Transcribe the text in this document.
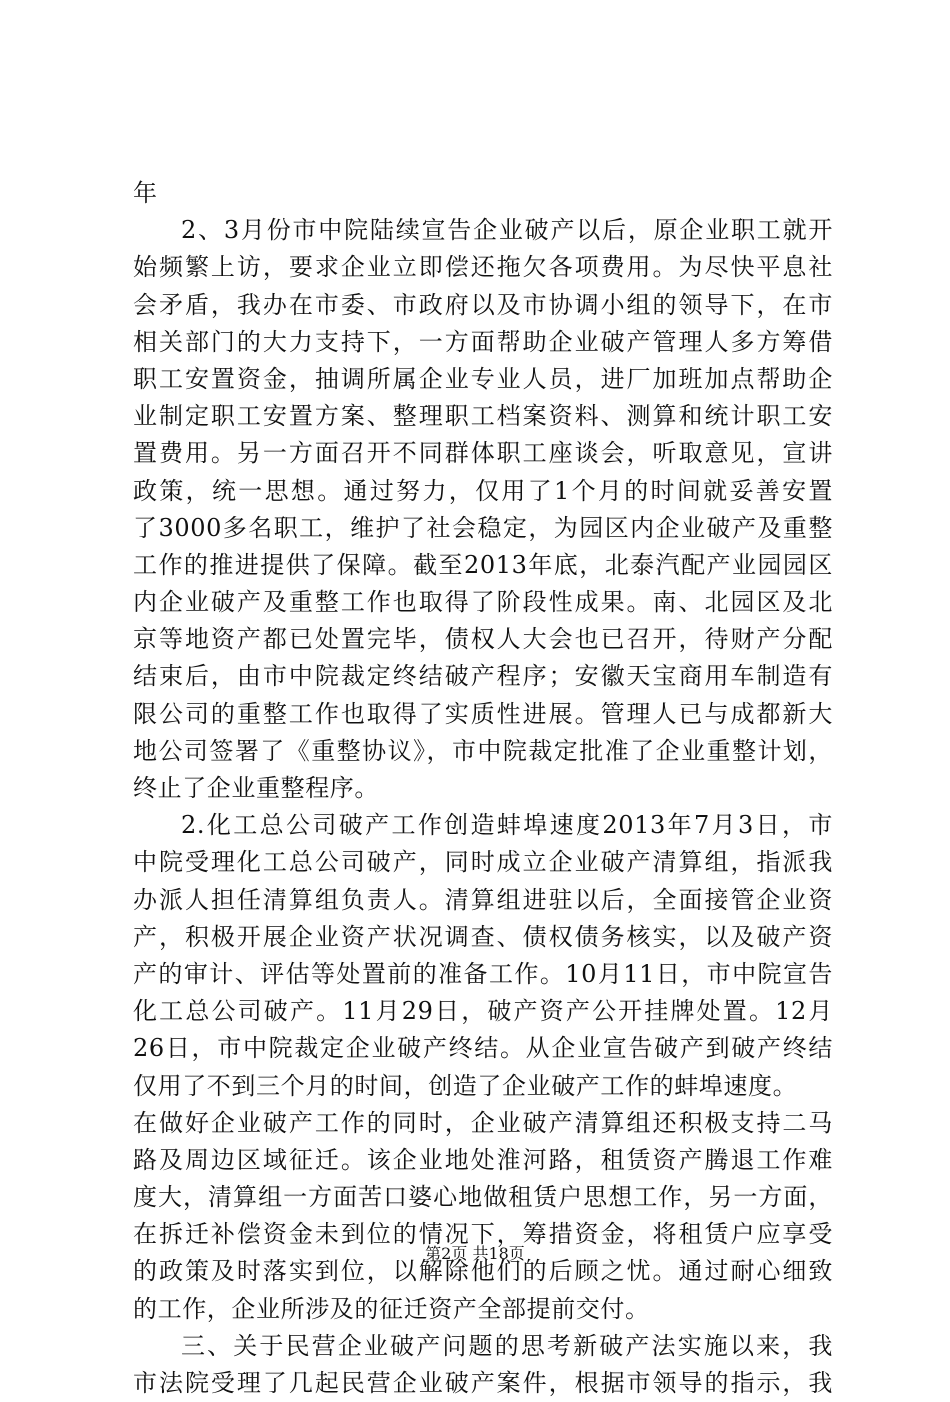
年
2、3月份市中院陆续宣告企业破产以后，原企业职工就开
始频繁上访，要求企业立即偿还拖欠各项费用。为尽快平息社
会矛盾，我办在市委、市政府以及市协调小组的领导下，在市
相关部门的大力支持下，一方面帮助企业破产管理人多方筹借
职工安置资金，抽调所属企业专业人员，进厂加班加点帮助企
业制定职工安置方案、整理职工档案资料、测算和统计职工安
置费用。另一方面召开不同群体职工座谈会，听取意见，宣讲
政策，统一思想。通过努力，仅用了1个月的时间就妥善安置
了3000多名职工，维护了社会稳定，为园区内企业破产及重整
工作的推进提供了保障。截至2013年底，北泰汽配产业园园区
内企业破产及重整工作也取得了阶段性成果。南、北园区及北
京等地资产都已处置完毕，债权人大会也已召开，待财产分配
结束后，由市中院裁定终结破产程序；安徽天宝商用车制造有
限公司的重整工作也取得了实质性进展。管理人已与成都新大
地公司签署了《重整协议》，市中院裁定批准了企业重整计划，
终止了企业重整程序。
2.化工总公司破产工作创造蚌埠速度2013年7月3日，市
中院受理化工总公司破产，同时成立企业破产清算组，指派我
办派人担任清算组负责人。清算组进驻以后，全面接管企业资
产，积极开展企业资产状况调查、债权债务核实，以及破产资
产的审计、评估等处置前的准备工作。10月11日，市中院宣告
化工总公司破产。11月29日，破产资产公开挂牌处置。12月
26日，市中院裁定企业破产终结。从企业宣告破产到破产终结
仅用了不到三个月的时间，创造了企业破产工作的蚌埠速度。
在做好企业破产工作的同时，企业破产清算组还积极支持二马
路及周边区域征迁。该企业地处淮河路，租赁资产腾退工作难
度大，清算组一方面苦口婆心地做租赁户思想工作，另一方面，
在拆迁补偿资金未到位的情况下，筹措资金，将租赁户应享受
的政策及时落实到位，以解除他们的后顾之忧。通过耐心细致
的工作，企业所涉及的征迁资产全部提前交付。
三、关于民营企业破产问题的思考新破产法实施以来，我
市法院受理了几起民营企业破产案件，根据市领导的指示，我
第2页 共18页
